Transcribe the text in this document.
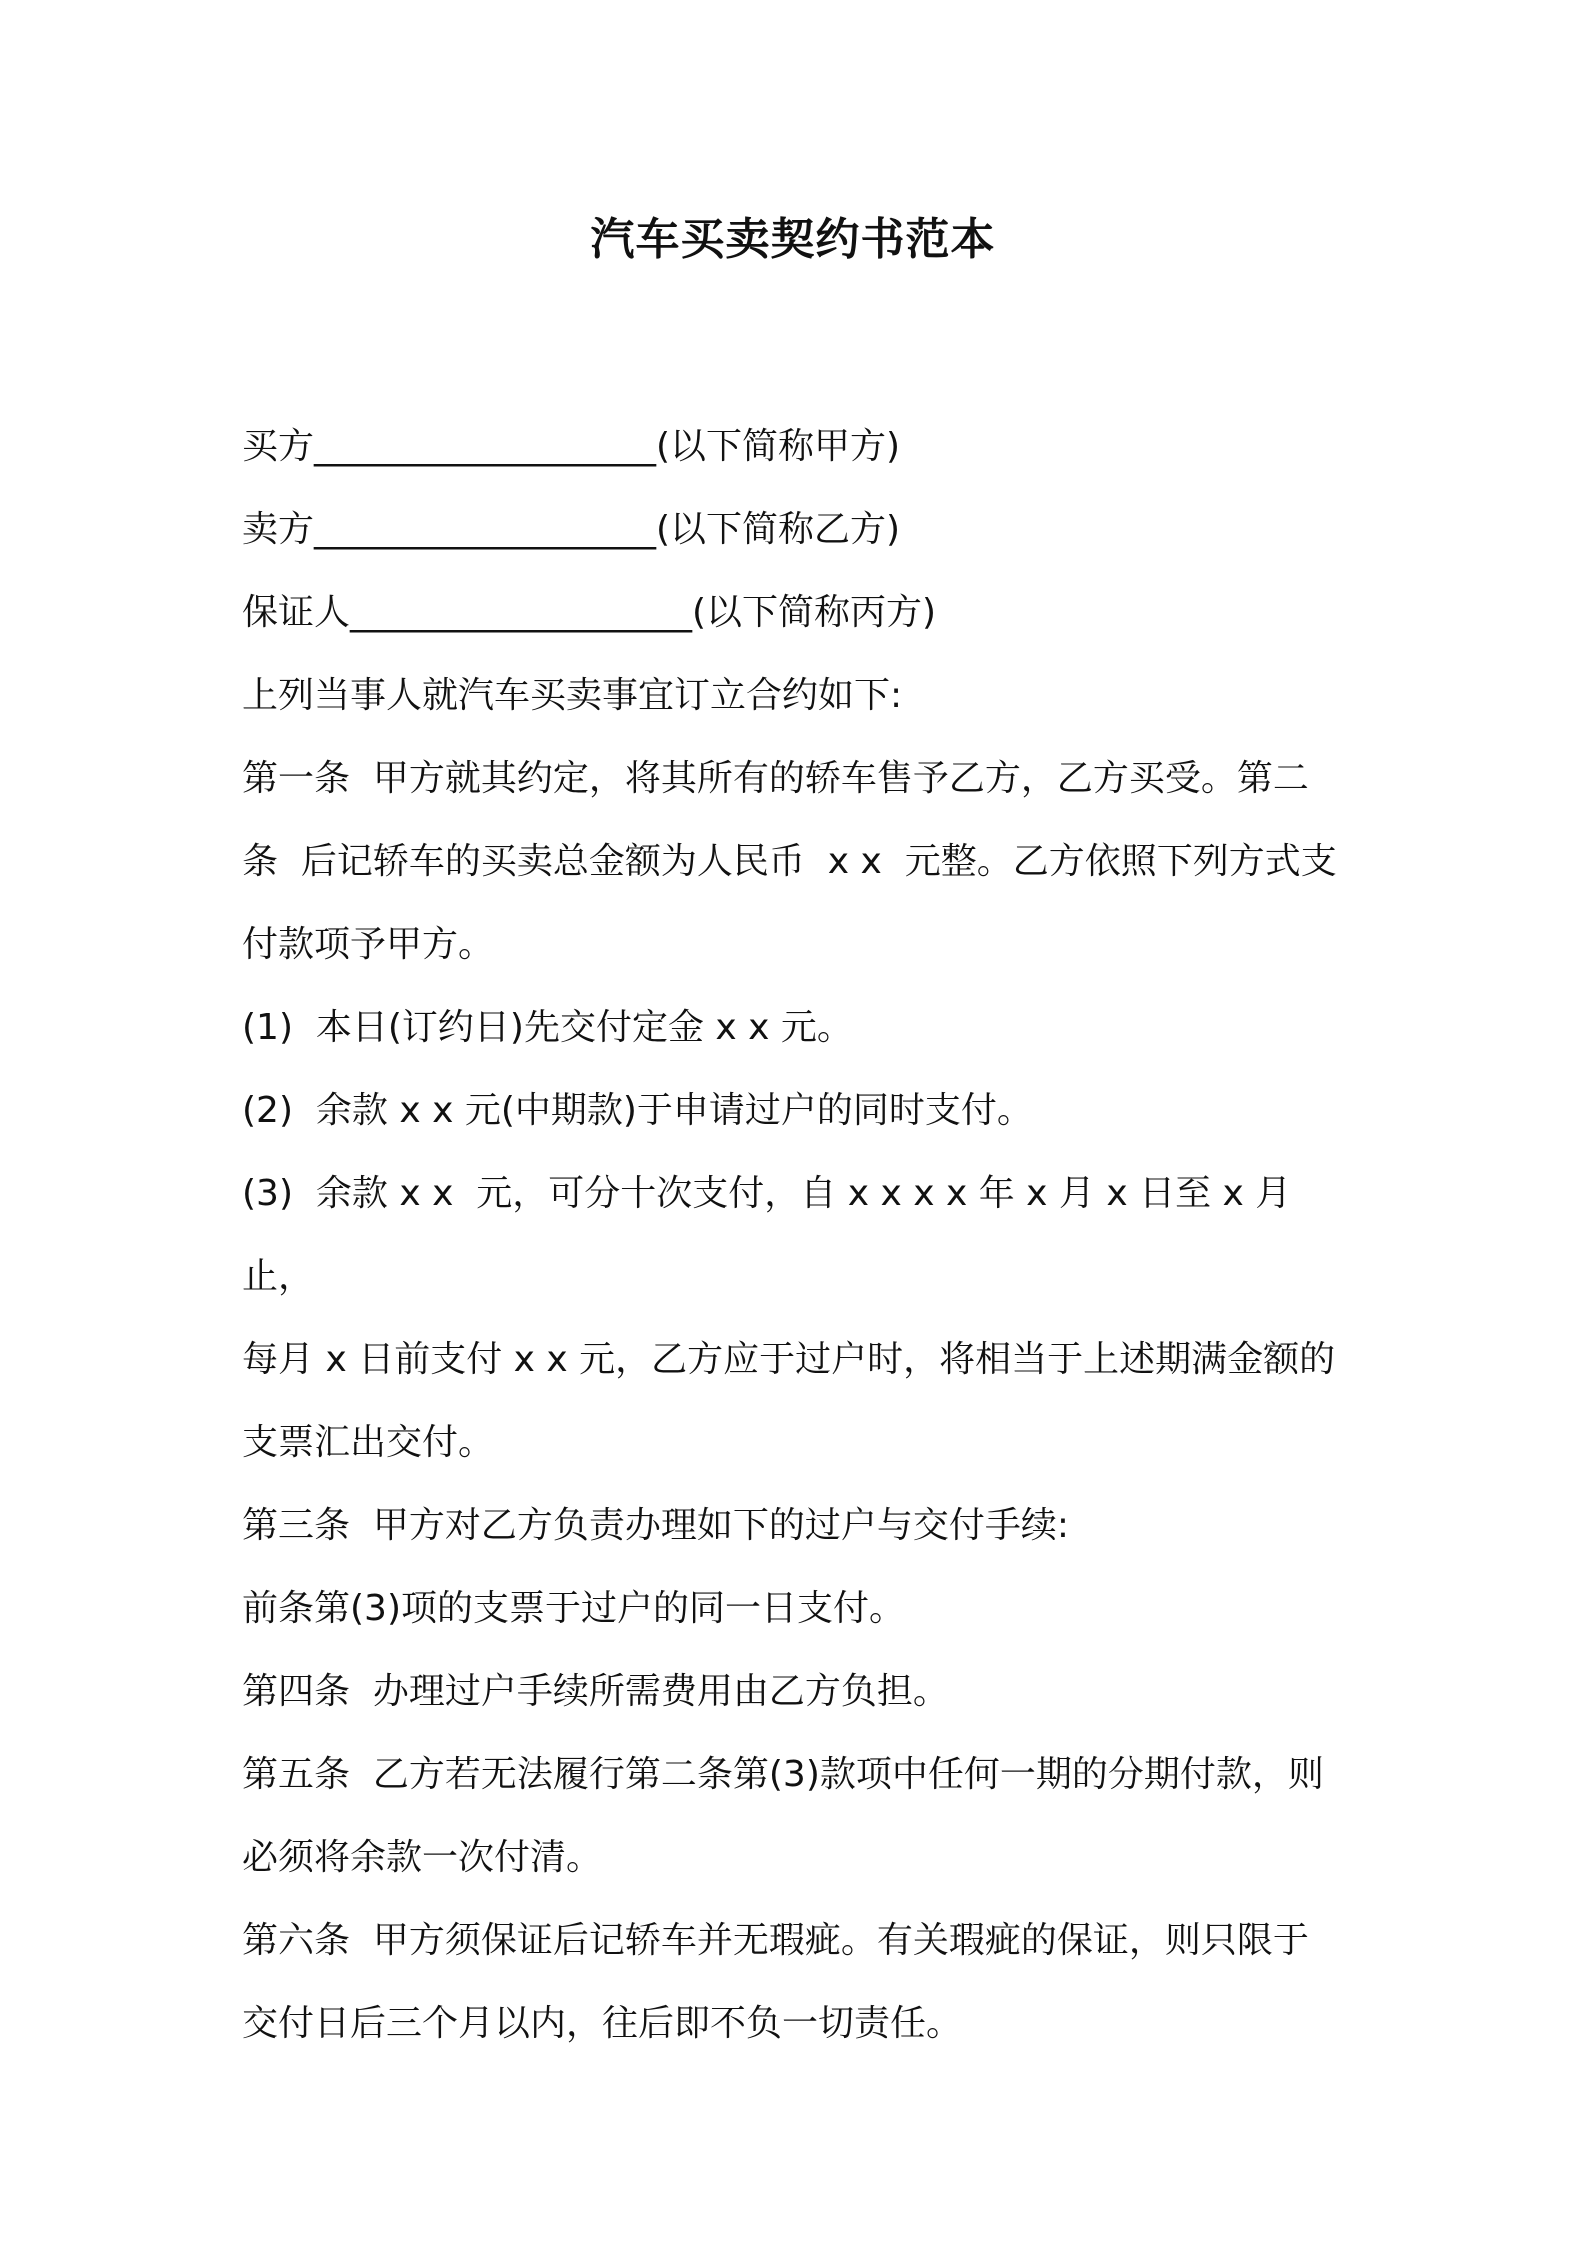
汽车买卖契约书范本

买方___________________(以下简称甲方)

卖方___________________(以下简称乙方)

保证人___________________(以下简称丙方)

上列当事人就汽车买卖事宜订立合约如下:

第一条  甲方就其约定，将其所有的轿车售予乙方，乙方买受。第二

条  后记轿车的买卖总金额为人民币  x x  元整。乙方依照下列方式支

付款项予甲方。

(1)  本日(订约日)先交付定金 x x 元。

(2)  余款 x x 元(中期款)于申请过户的同时支付。

(3)  余款 x x  元，可分十次支付，自 x x x x 年 x 月 x 日至 x 月止，

每月 x 日前支付 x x 元，乙方应于过户时，将相当于上述期满金额的

支票汇出交付。

第三条  甲方对乙方负责办理如下的过户与交付手续:

前条第(3)项的支票于过户的同一日支付。

第四条  办理过户手续所需费用由乙方负担。

第五条  乙方若无法履行第二条第(3)款项中任何一期的分期付款，则

必须将余款一次付清。

第六条  甲方须保证后记轿车并无瑕疵。有关瑕疵的保证，则只限于

交付日后三个月以内，往后即不负一切责任。
